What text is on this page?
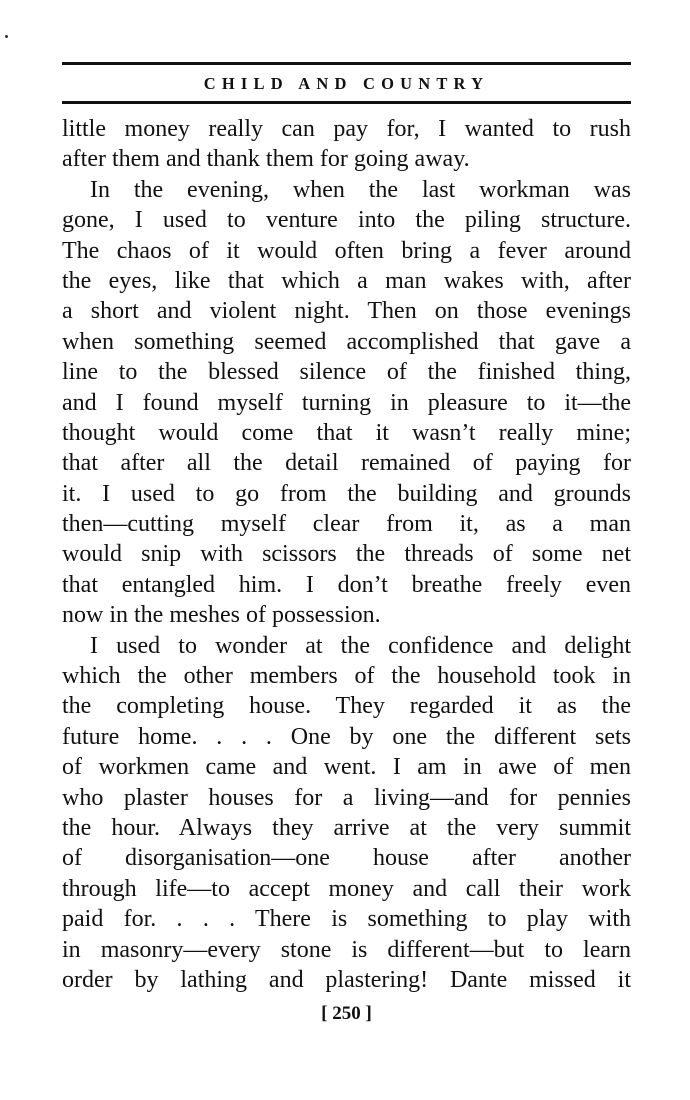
CHILD AND COUNTRY
little money really can pay for, I wanted to rush
after them and thank them for going away.
In the evening, when the last workman was
gone, I used to venture into the piling structure.
The chaos of it would often bring a fever around
the eyes, like that which a man wakes with, after
a short and violent night. Then on those evenings
when something seemed accomplished that gave a
line to the blessed silence of the finished thing,
and I found myself turning in pleasure to it—the
thought would come that it wasn’t really mine;
that after all the detail remained of paying for
it. I used to go from the building and grounds
then—cutting myself clear from it, as a man
would snip with scissors the threads of some net
that entangled him. I don’t breathe freely even
now in the meshes of possession.
I used to wonder at the confidence and delight
which the other members of the household took in
the completing house. They regarded it as the
future home. . . . One by one the different sets
of workmen came and went. I am in awe of men
who plaster houses for a living—and for pennies
the hour. Always they arrive at the very summit
of disorganisation—one house after another
through life—to accept money and call their work
paid for. . . . There is something to play with
in masonry—every stone is different—but to learn
order by lathing and plastering! Dante missed it
[ 250 ]
